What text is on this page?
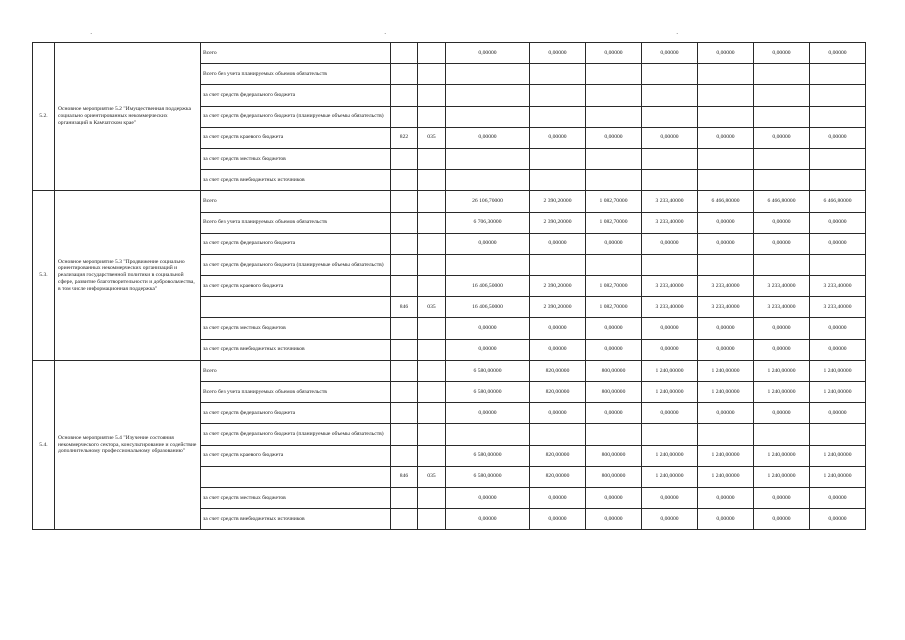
5.2.	Основное мероприятие 5.2 "Имущественная поддержка социально ориентированных некоммерческих организаций в Камчатском крае"	Всего			0,00000	0,00000	0,00000	0,00000	0,00000	0,00000	0,00000
		Всего без учета планируемых объемов обязательств									
		за счет средств федерального бюджета									
		за счет средств федерального бюджета (планируемые объемы обязательств)									
		за счет средств краевого бюджета	822	035	0,00000	0,00000	0,00000	0,00000	0,00000	0,00000	0,00000
		за счет средств местных бюджетов									
		за счет средств внебюджетных источников									
5.3.	Основное мероприятие 5.3 "Продвижение социально ориентированных некоммерческих организаций и реализация государственной политики в социальной сфере, развитие благотворительности и добровольчества, в том числе информационная поддержка"	Всего			26 106,70000	2 390,20000	1 082,70000	3 233,40000	6 466,80000	6 466,80000	6 466,80000
		Всего без учета планируемых объемов обязательств			6 706,30000	2 390,20000	1 082,70000	3 233,40000	0,00000	0,00000	0,00000
		за счет средств федерального бюджета			0,00000	0,00000	0,00000	0,00000	0,00000	0,00000	0,00000
		за счет средств федерального бюджета (планируемые объемы обязательств)									
		за счет средств краевого бюджета			16 406,50000	2 390,20000	1 082,70000	3 233,40000	3 233,40000	3 233,40000	3 233,40000
			846	035	16 406,50000	2 390,20000	1 082,70000	3 233,40000	3 233,40000	3 233,40000	3 233,40000
		за счет средств местных бюджетов			0,00000	0,00000	0,00000	0,00000	0,00000	0,00000	0,00000
		за счет средств внебюджетных источников			0,00000	0,00000	0,00000	0,00000	0,00000	0,00000	0,00000
5.4.	Основное мероприятие 5.4 "Изучение состояния некоммерческого сектора, консультирование и содействие дополнительному профессиональному образованию"	Всего			6 580,00000	820,00000	800,00000	1 240,00000	1 240,00000	1 240,00000	1 240,00000
		Всего без учета планируемых объемов обязательств			6 580,00000	820,00000	800,00000	1 240,00000	1 240,00000	1 240,00000	1 240,00000
		за счет средств федерального бюджета			0,00000	0,00000	0,00000	0,00000	0,00000	0,00000	0,00000
		за счет средств федерального бюджета (планируемые объемы обязательств)									
		за счет средств краевого бюджета			6 580,00000	820,00000	800,00000	1 240,00000	1 240,00000	1 240,00000	1 240,00000
			846	035	6 580,00000	820,00000	800,00000	1 240,00000	1 240,00000	1 240,00000	1 240,00000
		за счет средств местных бюджетов			0,00000	0,00000	0,00000	0,00000	0,00000	0,00000	0,00000
		за счет средств внебюджетных источников			0,00000	0,00000	0,00000	0,00000	0,00000	0,00000	0,00000
·	·	·
